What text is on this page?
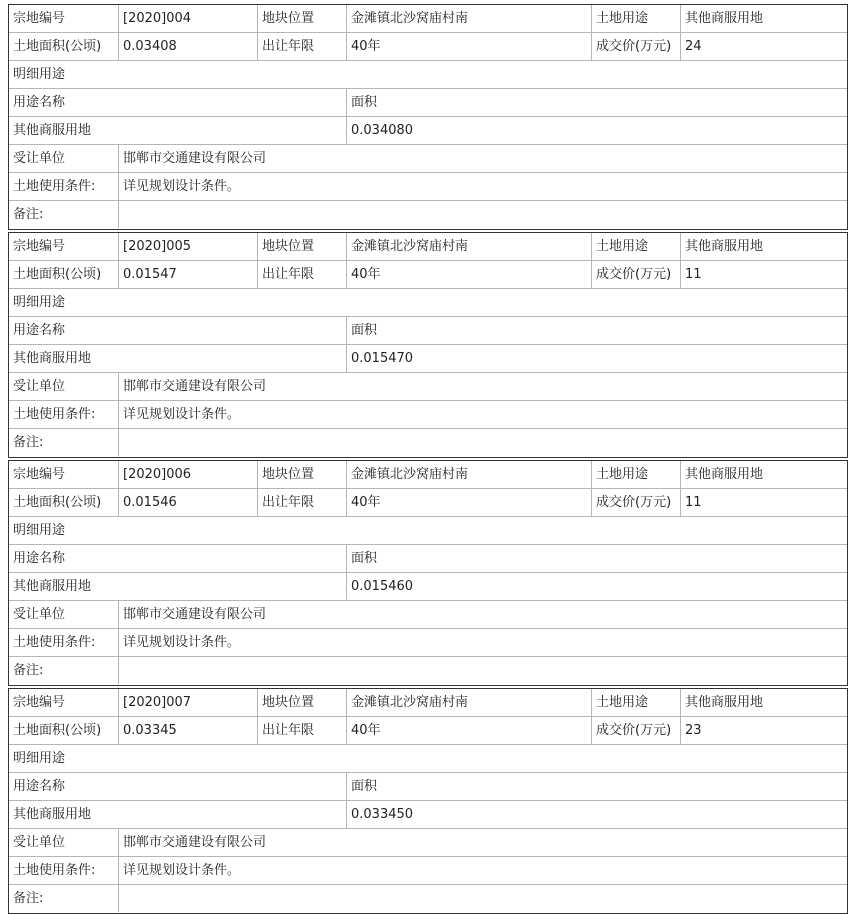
宗地编号	[2020]004	地块位置	金滩镇北沙窝庙村南	土地用途	其他商服用地
土地面积(公顷)	0.03408	出让年限	40年	成交价(万元)	24
明细用途
用途名称	面积
其他商服用地	0.034080
受让单位	邯郸市交通建设有限公司
土地使用条件:	详见规划设计条件。
备注:
宗地编号	[2020]005	地块位置	金滩镇北沙窝庙村南	土地用途	其他商服用地
土地面积(公顷)	0.01547	出让年限	40年	成交价(万元)	11
明细用途
用途名称	面积
其他商服用地	0.015470
受让单位	邯郸市交通建设有限公司
土地使用条件:	详见规划设计条件。
备注:
宗地编号	[2020]006	地块位置	金滩镇北沙窝庙村南	土地用途	其他商服用地
土地面积(公顷)	0.01546	出让年限	40年	成交价(万元)	11
明细用途
用途名称	面积
其他商服用地	0.015460
受让单位	邯郸市交通建设有限公司
土地使用条件:	详见规划设计条件。
备注:
宗地编号	[2020]007	地块位置	金滩镇北沙窝庙村南	土地用途	其他商服用地
土地面积(公顷)	0.03345	出让年限	40年	成交价(万元)	23
明细用途
用途名称	面积
其他商服用地	0.033450
受让单位	邯郸市交通建设有限公司
土地使用条件:	详见规划设计条件。
备注:
